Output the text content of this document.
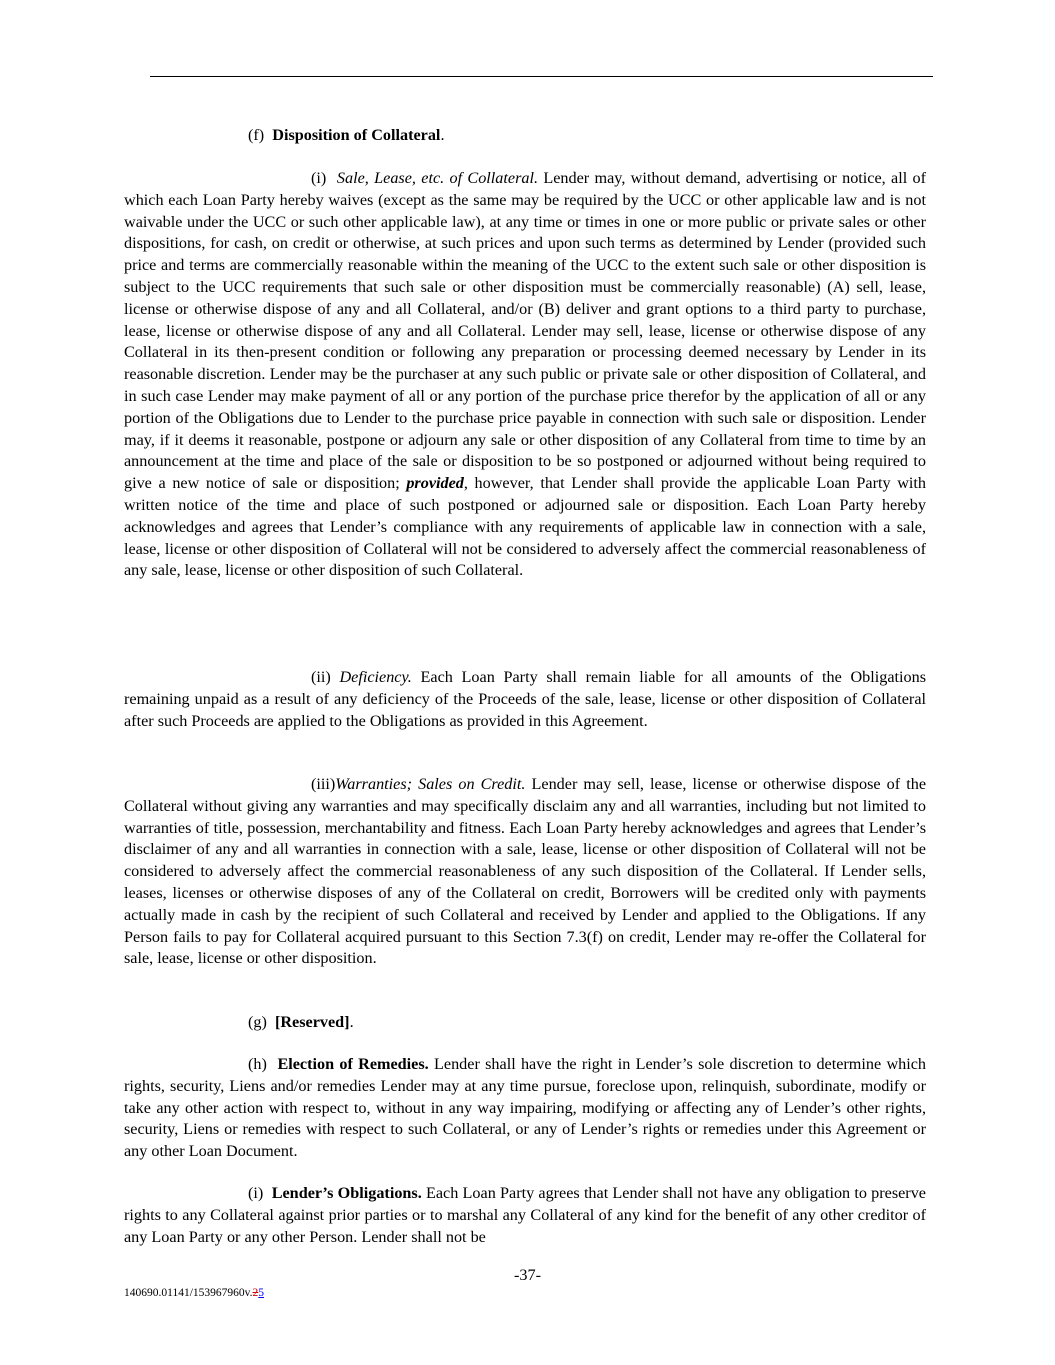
(f) Disposition of Collateral.

(i) Sale, Lease, etc. of Collateral. Lender may, without demand, advertising or notice, all of which each Loan Party hereby waives (except as the same may be required by the UCC or other applicable law and is not waivable under the UCC or such other applicable law), at any time or times in one or more public or private sales or other dispositions, for cash, on credit or otherwise, at such prices and upon such terms as determined by Lender (provided such price and terms are commercially reasonable within the meaning of the UCC to the extent such sale or other disposition is subject to the UCC requirements that such sale or other disposition must be commercially reasonable) (A) sell, lease, license or otherwise dispose of any and all Collateral, and/or (B) deliver and grant options to a third party to purchase, lease, license or otherwise dispose of any and all Collateral. Lender may sell, lease, license or otherwise dispose of any Collateral in its then-present condition or following any preparation or processing deemed necessary by Lender in its reasonable discretion. Lender may be the purchaser at any such public or private sale or other disposition of Collateral, and in such case Lender may make payment of all or any portion of the purchase price therefor by the application of all or any portion of the Obligations due to Lender to the purchase price payable in connection with such sale or disposition. Lender may, if it deems it reasonable, postpone or adjourn any sale or other disposition of any Collateral from time to time by an announcement at the time and place of the sale or disposition to be so postponed or adjourned without being required to give a new notice of sale or disposition; provided, however, that Lender shall provide the applicable Loan Party with written notice of the time and place of such postponed or adjourned sale or disposition. Each Loan Party hereby acknowledges and agrees that Lender’s compliance with any requirements of applicable law in connection with a sale, lease, license or other disposition of Collateral will not be considered to adversely affect the commercial reasonableness of any sale, lease, license or other disposition of such Collateral.

(ii) Deficiency. Each Loan Party shall remain liable for all amounts of the Obligations remaining unpaid as a result of any deficiency of the Proceeds of the sale, lease, license or other disposition of Collateral after such Proceeds are applied to the Obligations as provided in this Agreement.

(iii)Warranties; Sales on Credit. Lender may sell, lease, license or otherwise dispose of the Collateral without giving any warranties and may specifically disclaim any and all warranties, including but not limited to warranties of title, possession, merchantability and fitness. Each Loan Party hereby acknowledges and agrees that Lender’s disclaimer of any and all warranties in connection with a sale, lease, license or other disposition of Collateral will not be considered to adversely affect the commercial reasonableness of any such disposition of the Collateral. If Lender sells, leases, licenses or otherwise disposes of any of the Collateral on credit, Borrowers will be credited only with payments actually made in cash by the recipient of such Collateral and received by Lender and applied to the Obligations. If any Person fails to pay for Collateral acquired pursuant to this Section 7.3(f) on credit, Lender may re-offer the Collateral for sale, lease, license or other disposition.

(g) [Reserved].

(h) Election of Remedies. Lender shall have the right in Lender’s sole discretion to determine which rights, security, Liens and/or remedies Lender may at any time pursue, foreclose upon, relinquish, subordinate, modify or take any other action with respect to, without in any way impairing, modifying or affecting any of Lender’s other rights, security, Liens or remedies with respect to such Collateral, or any of Lender’s rights or remedies under this Agreement or any other Loan Document.

(i) Lender’s Obligations. Each Loan Party agrees that Lender shall not have any obligation to preserve rights to any Collateral against prior parties or to marshal any Collateral of any kind for the benefit of any other creditor of any Loan Party or any other Person. Lender shall not be

-37-
140690.01141/153967960v.25
